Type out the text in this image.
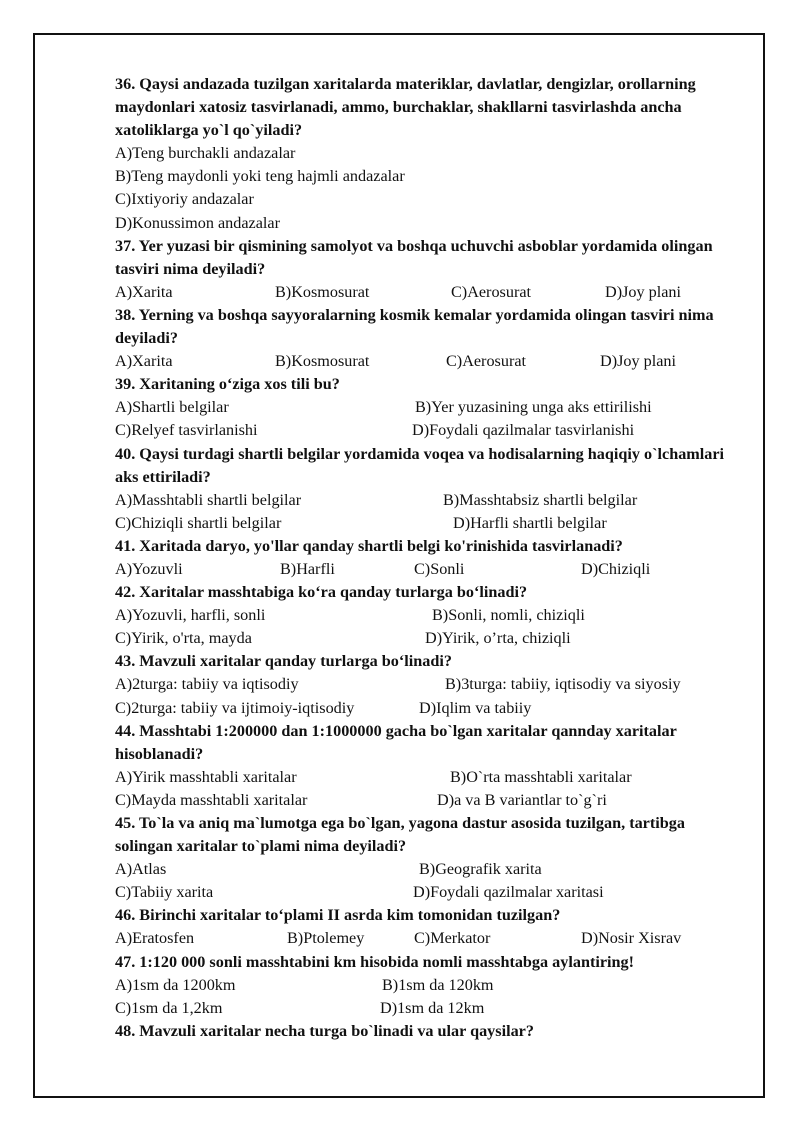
36. Qaysi andazada tuzilgan xaritalarda materiklar, davlatlar, dengizlar, orollarning maydonlari xatosiz tasvirlanadi, ammo, burchaklar, shakllarni tasvirlashda ancha xatoliklarga yo`l qo`yiladi?
A)Teng burchakli andazalar
B)Teng maydonli yoki teng hajmli andazalar
C)Ixtiyoriy andazalar
D)Konussimon andazalar
37. Yer yuzasi bir qismining samolyot va boshqa uchuvchi asboblar yordamida olingan tasviri nima deyiladi?
A)Xarita	B)Kosmosurat	C)Aerosurat	D)Joy plani
38. Yerning va boshqa sayyoralarning kosmik kemalar yordamida olingan tasviri nima deyiladi?
A)Xarita	B)Kosmosurat	C)Aerosurat	D)Joy plani
39. Xaritaning o‘ziga xos tili bu?
A)Shartli belgilar	B)Yer yuzasining unga aks ettirilishi
C)Relyef tasvirlanishi	D)Foydali qazilmalar tasvirlanishi
40. Qaysi turdagi shartli belgilar yordamida voqea va hodisalarning haqiqiy o`lchamlari aks ettiriladi?
A)Masshtabli shartli belgilar	B)Masshtabsiz shartli belgilar
C)Chiziqli shartli belgilar	D)Harfli shartli belgilar
41. Xaritada daryo, yo'llar qanday shartli belgi ko'rinishida tasvirlanadi?
A)Yozuvli	B)Harfli	C)Sonli	D)Chiziqli
42. Xaritalar masshtabiga ko‘ra qanday turlarga bo‘linadi?
A)Yozuvli, harfli, sonli	B)Sonli, nomli, chiziqli
C)Yirik, o'rta, mayda	D)Yirik, o’rta, chiziqli
43. Mavzuli xaritalar qanday turlarga bo‘linadi?
A)2turga: tabiiy va iqtisodiy	B)3turga: tabiiy, iqtisodiy va siyosiy
C)2turga: tabiiy va ijtimoiy-iqtisodiy	D)Iqlim va tabiiy
44. Masshtabi 1:200000 dan 1:1000000 gacha bo`lgan xaritalar qannday xaritalar hisoblanadi?
A)Yirik masshtabli xaritalar	B)O`rta masshtabli xaritalar
C)Mayda masshtabli xaritalar	D)a va B variantlar to`g`ri
45. To`la va aniq ma`lumotga ega bo`lgan, yagona dastur asosida tuzilgan, tartibga solingan xaritalar to`plami nima deyiladi?
A)Atlas	B)Geografik xarita
C)Tabiiy xarita	D)Foydali qazilmalar xaritasi
46. Birinchi xaritalar to‘plami II asrda kim tomonidan tuzilgan?
A)Eratosfen	B)Ptolemey	C)Merkator	D)Nosir Xisrav
47. 1:120 000 sonli masshtabini km hisobida nomli masshtabga aylantiring!
A)1sm da 1200km	B)1sm da 120km
C)1sm da 1,2km	D)1sm da 12km
48. Mavzuli xaritalar necha turga bo`linadi va ular qaysilar?
